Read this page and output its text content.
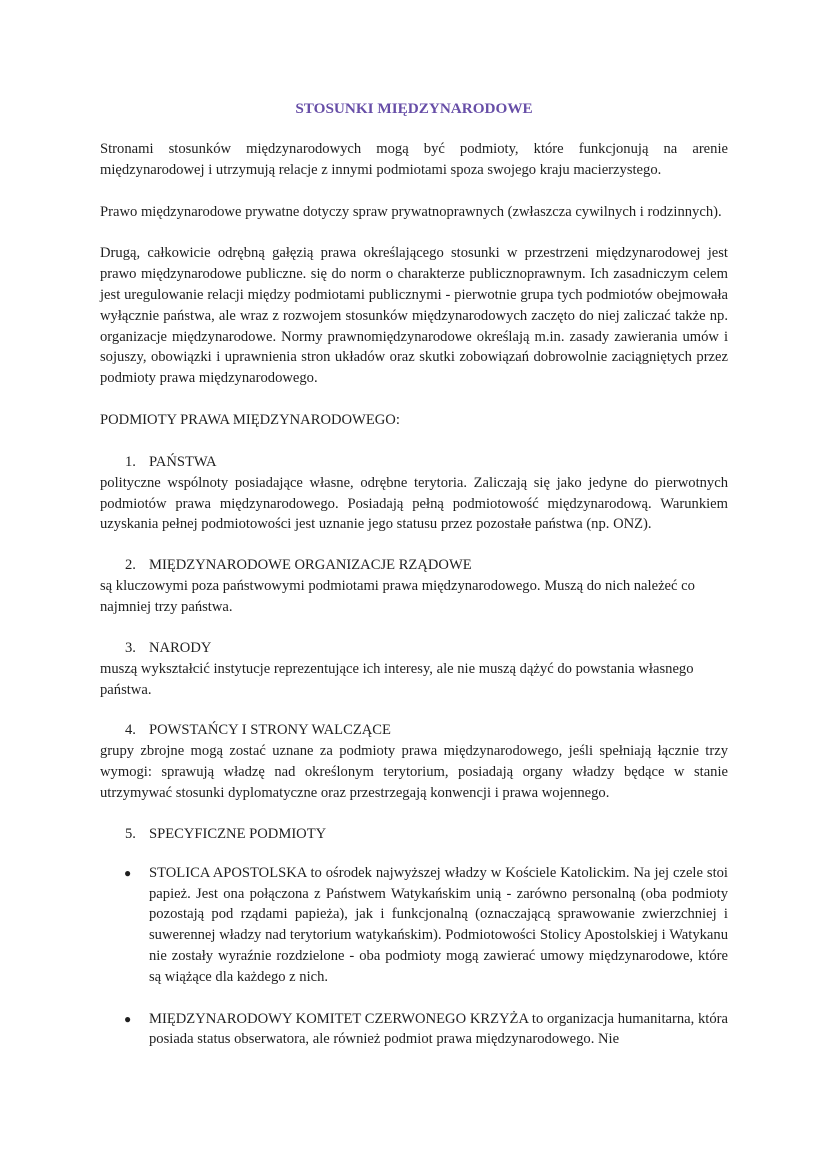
STOSUNKI MIĘDZYNARODOWE

Stronami stosunków międzynarodowych mogą być podmioty, które funkcjonują na arenie międzynarodowej i utrzymują relacje z innymi podmiotami spoza swojego kraju macierzystego.

Prawo międzynarodowe prywatne dotyczy spraw prywatnoprawnych (zwłaszcza cywilnych i rodzinnych).

Drugą, całkowicie odrębną gałęzią prawa określającego stosunki w przestrzeni międzynarodowej jest prawo międzynarodowe publiczne. się do norm o charakterze publicznoprawnym. Ich zasadniczym celem jest uregulowanie relacji między podmiotami publicznymi - pierwotnie grupa tych podmiotów obejmowała wyłącznie państwa, ale wraz z rozwojem stosunków międzynarodowych zaczęto do niej zaliczać także np. organizacje międzynarodowe. Normy prawnomiędzynarodowe określają m.in. zasady zawierania umów i sojuszy, obowiązki i uprawnienia stron układów oraz skutki zobowiązań dobrowolnie zaciągniętych przez podmioty prawa międzynarodowego.

PODMIOTY PRAWA MIĘDZYNARODOWEGO:

1. PAŃSTWA

polityczne wspólnoty posiadające własne, odrębne terytoria. Zaliczają się jako jedyne do pierwotnych podmiotów prawa międzynarodowego. Posiadają pełną podmiotowość międzynarodową. Warunkiem uzyskania pełnej podmiotowości jest uznanie jego statusu przez pozostałe państwa (np. ONZ).

2. MIĘDZYNARODOWE ORGANIZACJE RZĄDOWE

są kluczowymi poza państwowymi podmiotami prawa międzynarodowego. Muszą do nich należeć co najmniej trzy państwa.

3. NARODY

muszą wykształcić instytucje reprezentujące ich interesy, ale nie muszą dążyć do powstania własnego państwa.

4. POWSTAŃCY I STRONY WALCZĄCE

grupy zbrojne mogą zostać uznane za podmioty prawa międzynarodowego, jeśli spełniają łącznie trzy wymogi: sprawują władzę nad określonym terytorium, posiadają organy władzy będące w stanie utrzymywać stosunki dyplomatyczne oraz przestrzegają konwencji i prawa wojennego.

5. SPECYFICZNE PODMIOTY
● STOLICA APOSTOLSKA to ośrodek najwyższej władzy w Kościele Katolickim. Na jej czele stoi papież. Jest ona połączona z Państwem Watykańskim unią - zarówno personalną (oba podmioty pozostają pod rządami papieża), jak i funkcjonalną (oznaczającą sprawowanie zwierzchniej i suwerennej władzy nad terytorium watykańskim). Podmiotowości Stolicy Apostolskiej i Watykanu nie zostały wyraźnie rozdzielone - oba podmioty mogą zawierać umowy międzynarodowe, które są wiążące dla każdego z nich.
● MIĘDZYNARODOWY KOMITET CZERWONEGO KRZYŻA to organizacja humanitarna, która posiada status obserwatora, ale również podmiot prawa międzynarodowego. Nie
